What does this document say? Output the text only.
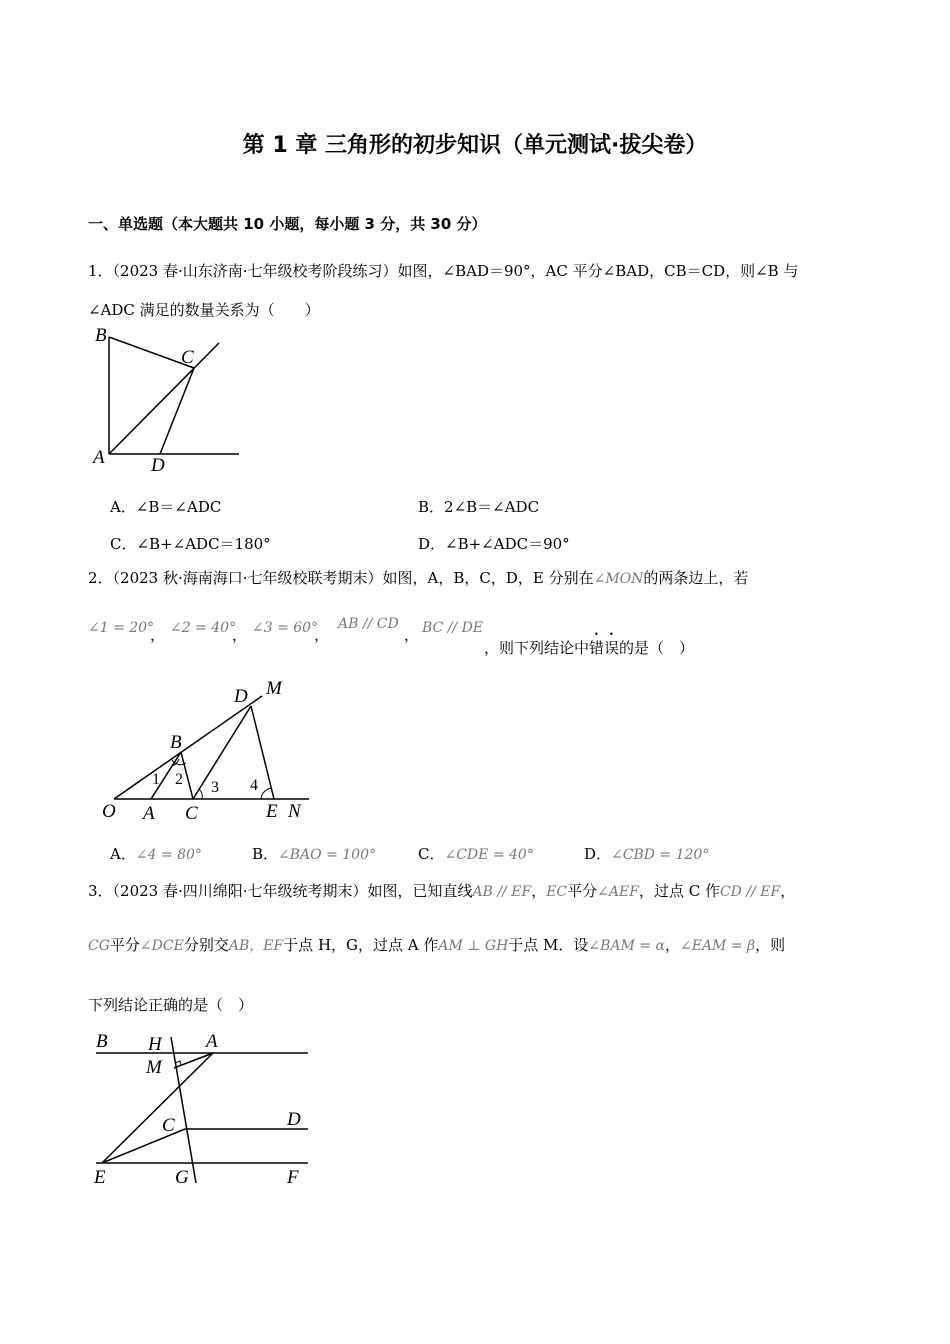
第 1 章 三角形的初步知识（单元测试·拔尖卷）
一、单选题（本大题共 10 小题，每小题 3 分，共 30 分）
1．（2023 春·山东济南·七年级校考阶段练习）如图，∠BAD＝90°，AC 平分∠BAD，CB＝CD，则∠B 与
∠ADC 满足的数量关系为（　　）
B
C
A D
A．∠B＝∠ADC	B．2∠B＝∠ADC
C．∠B+∠ADC＝180°	D．∠B+∠ADC＝90°
2．（2023 秋·海南海口·七年级校联考期末）如图，A，B，C，D，E 分别在∠MON的两条边上，若
∠1 = 20°
， ∠2 = 40°
， ∠3 = 60°
，
AB // CD
， BC // DE
，则下列结论中错误的是（　）
D M
B
O A C	E N
1 2 3 4
A．∠4 = 80°	B．∠BAO = 100°	C．∠CDE = 40°	D．∠CBD = 120°
3．（2023 春·四川绵阳·七年级统考期末）如图，已知直线AB // EF，EC平分∠AEF，过点 C 作CD // EF，
CG平分∠DCE分别交AB，EF于点 H，G，过点 A 作AM ⊥ GH于点 M．设∠BAM = α，∠EAM = β，则
下列结论正确的是（　）
B H A
M
C	D
E	G	F
